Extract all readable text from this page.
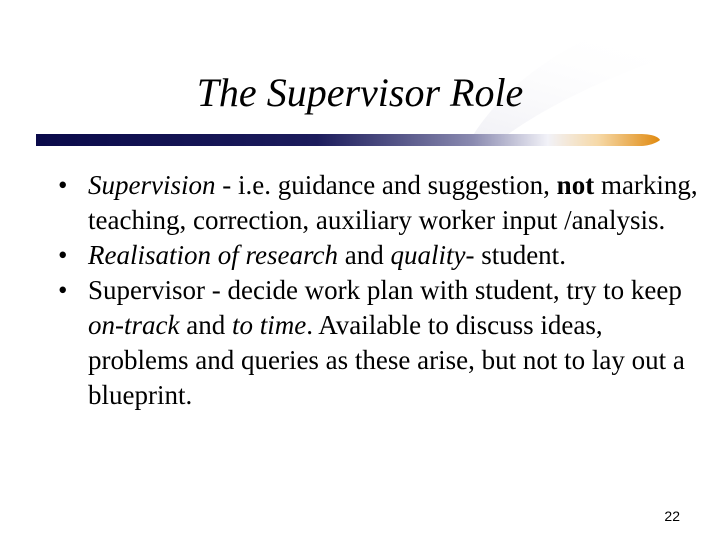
The Supervisor Role
• Supervision - i.e. guidance and suggestion, not marking, teaching, correction, auxiliary worker input /analysis.
• Realisation of research and quality- student.
• Supervisor - decide work plan with student, try to keep on-track and to time. Available to discuss ideas, problems and queries as these arise, but not to lay out a blueprint.
22
